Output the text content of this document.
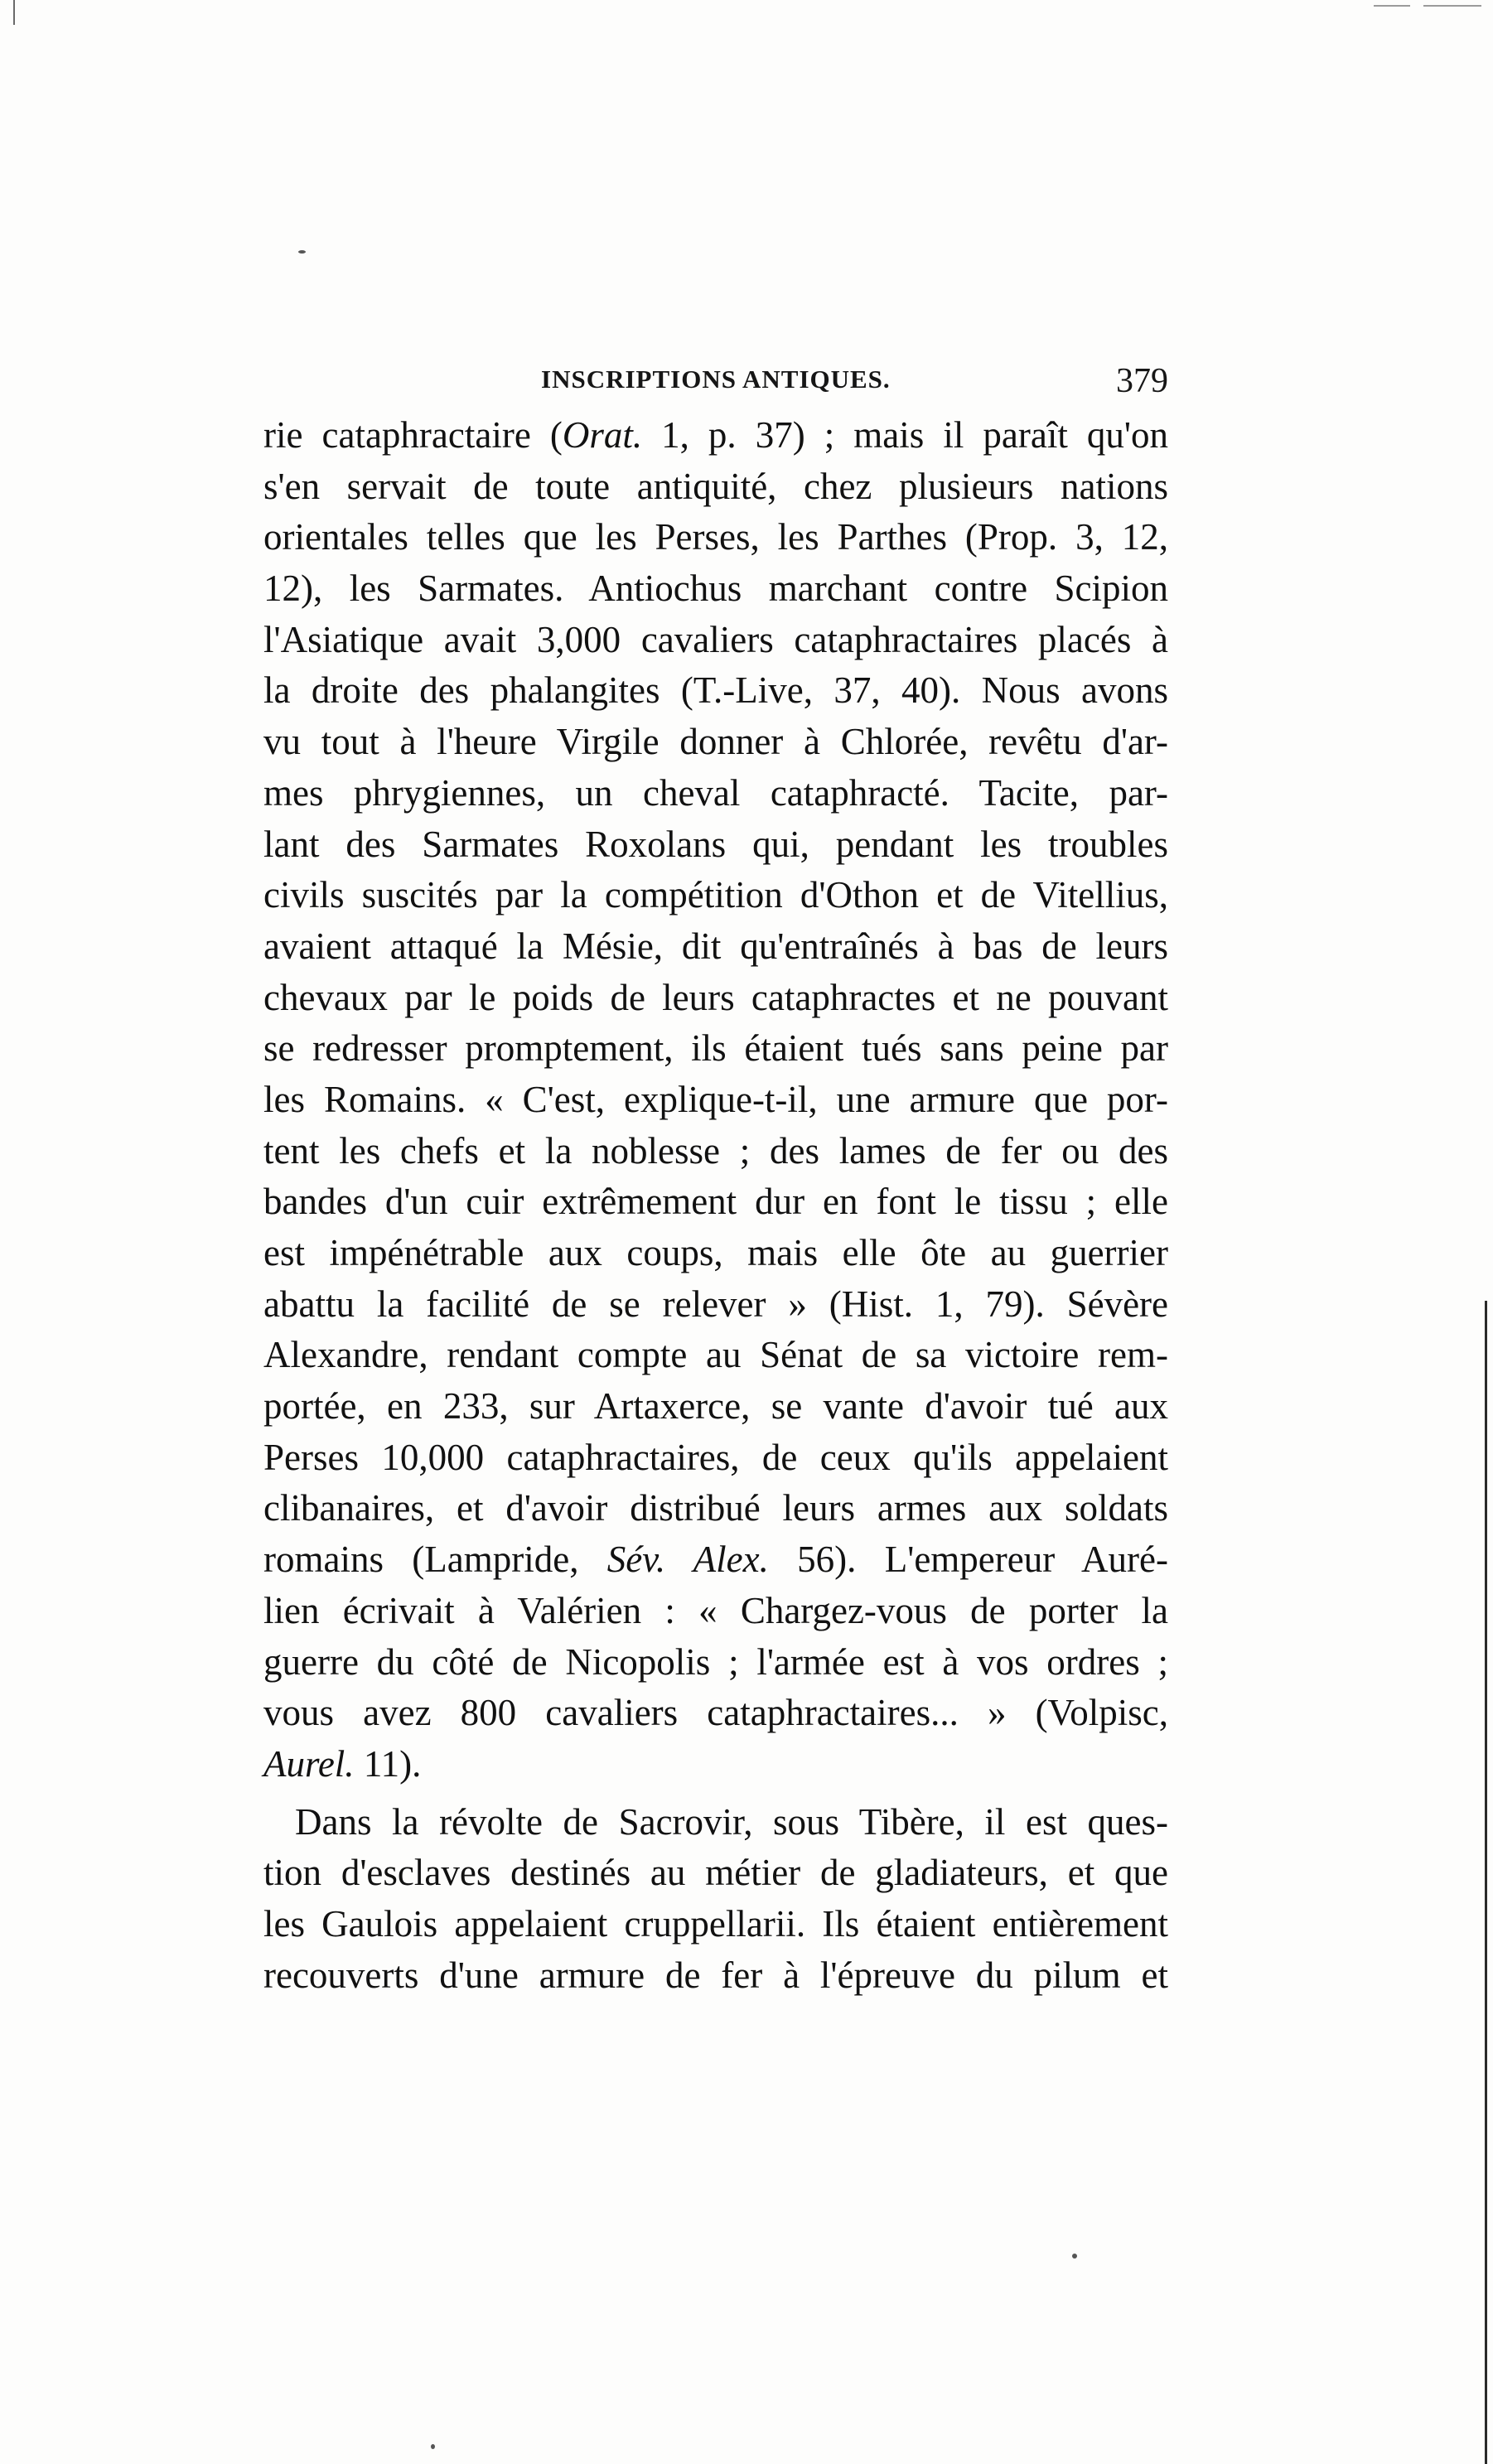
INSCRIPTIONS ANTIQUES.	379
rie cataphractaire (Orat. 1, p. 37) ; mais il paraît qu'on
s'en servait de toute antiquité, chez plusieurs nations
orientales telles que les Perses, les Parthes (Prop. 3, 12,
12), les Sarmates. Antiochus marchant contre Scipion
l'Asiatique avait 3,000 cavaliers cataphractaires placés à
la droite des phalangites (T.-Live, 37, 40). Nous avons
vu tout à l'heure Virgile donner à Chlorée, revêtu d'ar-
mes phrygiennes, un cheval cataphracté. Tacite, par-
lant des Sarmates Roxolans qui, pendant les troubles
civils suscités par la compétition d'Othon et de Vitellius,
avaient attaqué la Mésie, dit qu'entraînés à bas de leurs
chevaux par le poids de leurs cataphractes et ne pouvant
se redresser promptement, ils étaient tués sans peine par
les Romains. « C'est, explique-t-il, une armure que por-
tent les chefs et la noblesse ; des lames de fer ou des
bandes d'un cuir extrêmement dur en font le tissu ; elle
est impénétrable aux coups, mais elle ôte au guerrier
abattu la facilité de se relever » (Hist. 1, 79). Sévère
Alexandre, rendant compte au Sénat de sa victoire rem-
portée, en 233, sur Artaxerce, se vante d'avoir tué aux
Perses 10,000 cataphractaires, de ceux qu'ils appelaient
clibanaires, et d'avoir distribué leurs armes aux soldats
romains (Lampride, Sév. Alex. 56). L'empereur Auré-
lien écrivait à Valérien : « Chargez-vous de porter la
guerre du côté de Nicopolis ; l'armée est à vos ordres ;
vous avez 800 cavaliers cataphractaires... » (Volpisc,
Aurel. 11).
Dans la révolte de Sacrovir, sous Tibère, il est ques-
tion d'esclaves destinés au métier de gladiateurs, et que
les Gaulois appelaient cruppellarii. Ils étaient entièrement
recouverts d'une armure de fer à l'épreuve du pilum et
